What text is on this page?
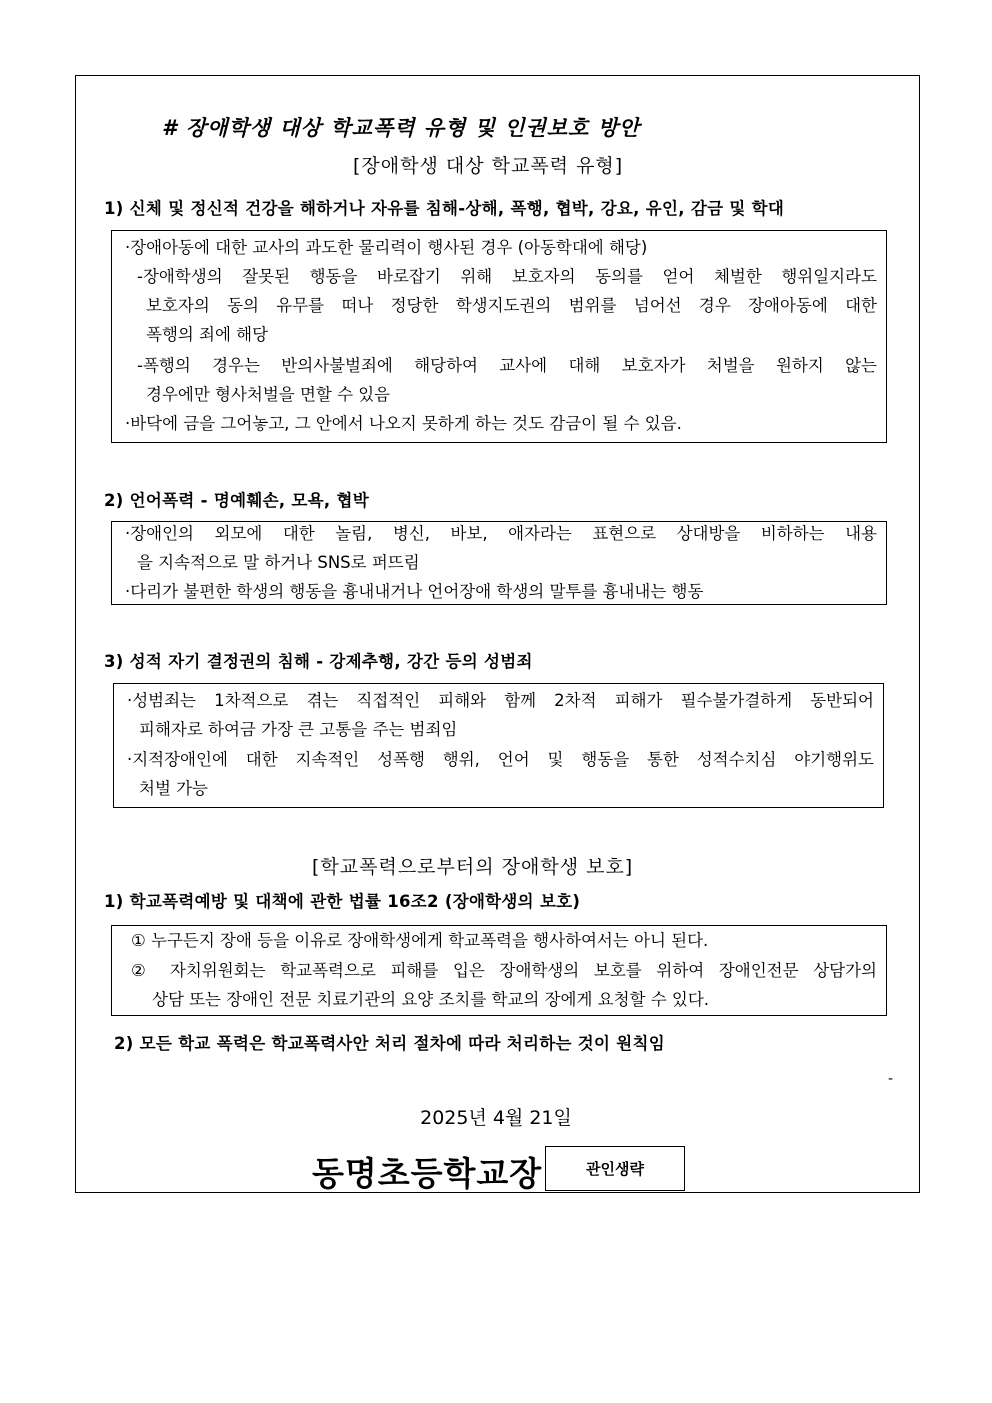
# 장애학생 대상 학교폭력 유형 및 인권보호 방안
[장애학생 대상 학교폭력 유형]
1) 신체 및 정신적 건강을 해하거나 자유를 침해-상해, 폭행, 협박, 강요, 유인, 감금 및 학대
·장애아동에 대한 교사의 과도한 물리력이 행사된 경우 (아동학대에 해당)
-장애학생의 잘못된 행동을 바로잡기 위해 보호자의 동의를 얻어 체벌한 행위일지라도
보호자의 동의 유무를 떠나 정당한 학생지도권의 범위를 넘어선 경우 장애아동에 대한
폭행의 죄에 해당
-폭행의 경우는 반의사불벌죄에 해당하여 교사에 대해 보호자가 처벌을 원하지 않는
경우에만 형사처벌을 면할 수 있음
·바닥에 금을 그어놓고, 그 안에서 나오지 못하게 하는 것도 감금이 될 수 있음.
2) 언어폭력 - 명예훼손, 모욕, 협박
·장애인의 외모에 대한 놀림, 병신, 바보, 애자라는 표현으로 상대방을 비하하는 내용
을 지속적으로 말 하거나 SNS로 퍼뜨림
·다리가 불편한 학생의 행동을 흉내내거나 언어장애 학생의 말투를 흉내내는 행동
3) 성적 자기 결정권의 침해 - 강제추행, 강간 등의 성범죄
·성범죄는 1차적으로 겪는 직접적인 피해와 함께 2차적 피해가 필수불가결하게 동반되어
피해자로 하여금 가장 큰 고통을 주는 범죄임
·지적장애인에 대한 지속적인 성폭행 행위, 언어 및 행동을 통한 성적수치심 야기행위도
처벌 가능
[학교폭력으로부터의 장애학생 보호]
1) 학교폭력예방 및 대책에 관한 법률 16조2 (장애학생의 보호)
① 누구든지 장애 등을 이유로 장애학생에게 학교폭력을 행사하여서는 아니 된다.
② 자치위원회는 학교폭력으로 피해를 입은 장애학생의 보호를 위하여 장애인전문 상담가의
상담 또는 장애인 전문 치료기관의 요양 조치를 학교의 장에게 요청할 수 있다.
2) 모든 학교 폭력은 학교폭력사안 처리 절차에 따라 처리하는 것이 원칙임
-
2025년 4월 21일
동명초등학교장	관인생략
